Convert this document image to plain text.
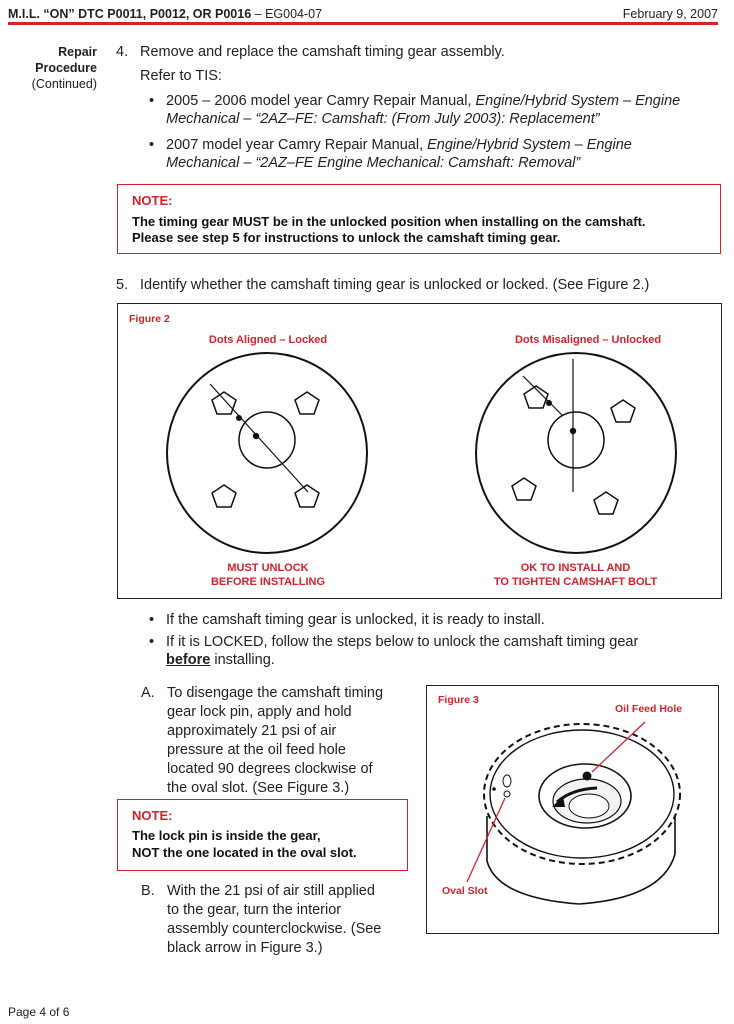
M.I.L. “ON” DTC P0011, P0012, OR P0016 – EG004-07	February 9, 2007
Repair
Procedure
(Continued)
4. Remove and replace the camshaft timing gear assembly.
Refer to TIS:
• 2005 – 2006 model year Camry Repair Manual, Engine/Hybrid System – Engine
Mechanical – “2AZ–FE: Camshaft: (From July 2003): Replacement”
• 2007 model year Camry Repair Manual, Engine/Hybrid System – Engine
Mechanical – “2AZ–FE Engine Mechanical: Camshaft: Removal”
NOTE:
The timing gear MUST be in the unlocked position when installing on the camshaft.
Please see step 5 for instructions to unlock the camshaft timing gear.
5. Identify whether the camshaft timing gear is unlocked or locked. (See Figure 2.)
Figure 2
Dots Aligned – Locked	Dots Misaligned – Unlocked
MUST UNLOCK
BEFORE INSTALLING
OK TO INSTALL AND
TO TIGHTEN CAMSHAFT BOLT
• If the camshaft timing gear is unlocked, it is ready to install.
• If it is LOCKED, follow the steps below to unlock the camshaft timing gear
before installing.
A. To disengage the camshaft timing
gear lock pin, apply and hold
approximately 21 psi of air
pressure at the oil feed hole
located 90 degrees clockwise of
the oval slot. (See Figure 3.)
NOTE:
The lock pin is inside the gear,
NOT the one located in the oval slot.
B. With the 21 psi of air still applied
to the gear, turn the interior
assembly counterclockwise. (See
black arrow in Figure 3.)
Figure 3
Oil Feed Hole
Oval Slot
Page 4 of 6
